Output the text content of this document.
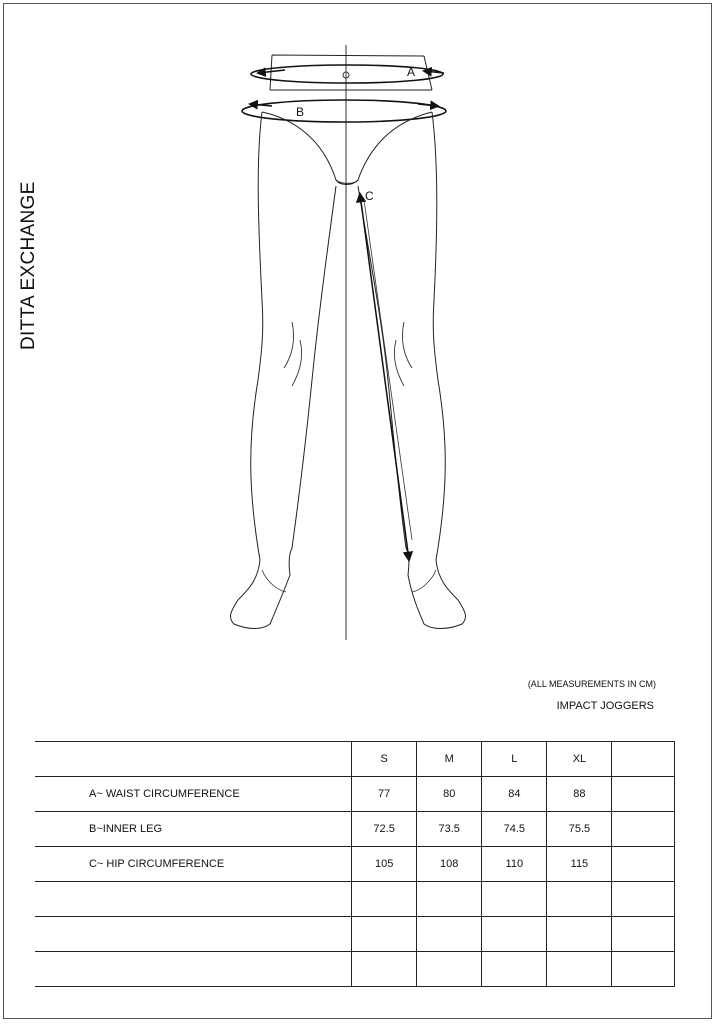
DITTA EXCHANGE
A
B
C
(ALL MEASUREMENTS IN CM)
IMPACT JOGGERS
	S	M	L	XL	
A~ WAIST CIRCUMFERENCE	77	80	84	88	
B~INNER LEG	72.5	73.5	74.5	75.5	
C~ HIP CIRCUMFERENCE	105	108	110	115	
